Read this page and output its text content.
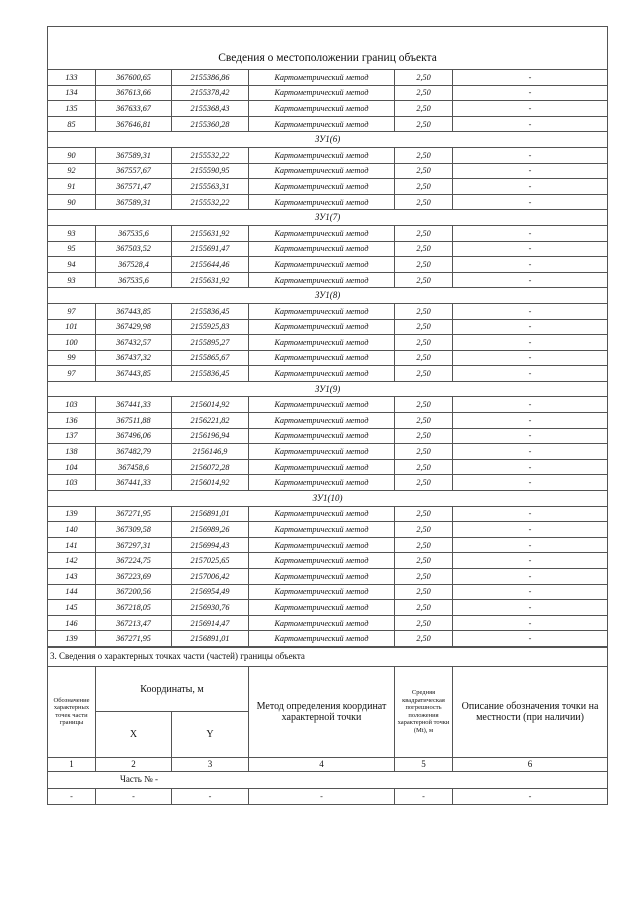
Сведения о местоположении границ объекта					
133	367600,65	2155386,86	Картометрический метод	2,50	-
134	367613,66	2155378,42	Картометрический метод	2,50	-
135	367633,67	2155368,43	Картометрический метод	2,50	-
85	367646,81	2155360,28	Картометрический метод	2,50	-
ЗУ1(6)					
90	367589,31	2155532,22	Картометрический метод	2,50	-
92	367557,67	2155590,95	Картометрический метод	2,50	-
91	367571,47	2155563,31	Картометрический метод	2,50	-
90	367589,31	2155532,22	Картометрический метод	2,50	-
ЗУ1(7)					
93	367535,6	2155631,92	Картометрический метод	2,50	-
95	367503,52	2155691,47	Картометрический метод	2,50	-
94	367528,4	2155644,46	Картометрический метод	2,50	-
93	367535,6	2155631,92	Картометрический метод	2,50	-
ЗУ1(8)					
97	367443,85	2155836,45	Картометрический метод	2,50	-
101	367429,98	2155925,83	Картометрический метод	2,50	-
100	367432,57	2155895,27	Картометрический метод	2,50	-
99	367437,32	2155865,67	Картометрический метод	2,50	-
97	367443,85	2155836,45	Картометрический метод	2,50	-
ЗУ1(9)					
103	367441,33	2156014,92	Картометрический метод	2,50	-
136	367511,88	2156221,82	Картометрический метод	2,50	-
137	367496,06	2156196,94	Картометрический метод	2,50	-
138	367482,79	2156146,9	Картометрический метод	2,50	-
104	367458,6	2156072,28	Картометрический метод	2,50	-
103	367441,33	2156014,92	Картометрический метод	2,50	-
ЗУ1(10)					
139	367271,95	2156891,01	Картометрический метод	2,50	-
140	367309,58	2156989,26	Картометрический метод	2,50	-
141	367297,31	2156994,43	Картометрический метод	2,50	-
142	367224,75	2157025,65	Картометрический метод	2,50	-
143	367223,69	2157006,42	Картометрический метод	2,50	-
144	367200,56	2156954,49	Картометрический метод	2,50	-
145	367218,05	2156930,76	Картометрический метод	2,50	-
146	367213,47	2156914,47	Картометрический метод	2,50	-
139	367271,95	2156891,01	Картометрический метод	2,50	-
3. Сведения о характерных точках части (частей) границы объекта					
Обозначение характерных точек части границы	Координаты, м		Метод определения координат характерной точки	Средняя квадратическая погрешность положения характерной точки (Mt), м	Описание обозначения точки на местности (при наличии)
	X	Y			
1	2	3	4	5	6
Часть № -					
-	-	-	-	-	-
